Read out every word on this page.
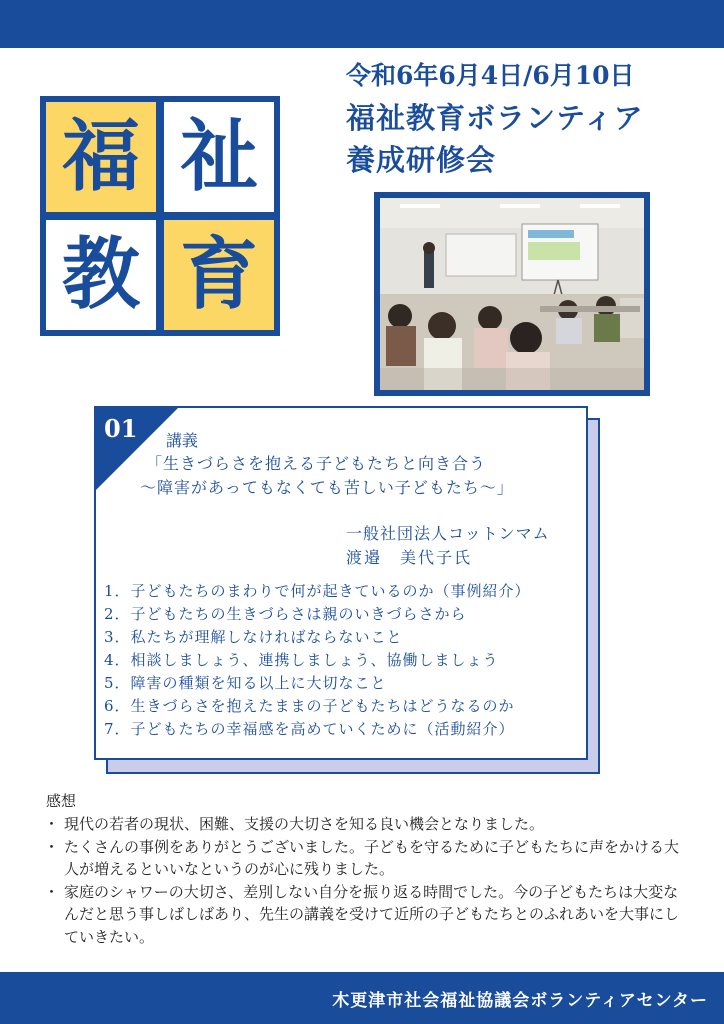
福 祉
教 育
令和6年6月4日/6月10日
福祉教育ボランティア
養成研修会
01 講義
「生きづらさを抱える子どもたちと向き合う
～障害があってもなくても苦しい子どもたち～」
一般社団法人コットンマム
渡邉　美代子氏
1．子どもたちのまわりで何が起きているのか（事例紹介）
2．子どもたちの生きづらさは親のいきづらさから
3．私たちが理解しなければならないこと
4．相談しましょう、連携しましょう、協働しましょう
5．障害の種類を知る以上に大切なこと
6．生きづらさを抱えたままの子どもたちはどうなるのか
7．子どもたちの幸福感を高めていくために（活動紹介）
感想
・ 現代の若者の現状、困難、支援の大切さを知る良い機会となりました。
・ たくさんの事例をありがとうございました。子どもを守るために子どもたちに声をかける大人が増えるといいなというのが心に残りました。
・ 家庭のシャワーの大切さ、差別しない自分を振り返る時間でした。今の子どもたちは大変なんだと思う事しばしばあり、先生の講義を受けて近所の子どもたちとのふれあいを大事にしていきたい。
木更津市社会福祉協議会ボランティアセンター
